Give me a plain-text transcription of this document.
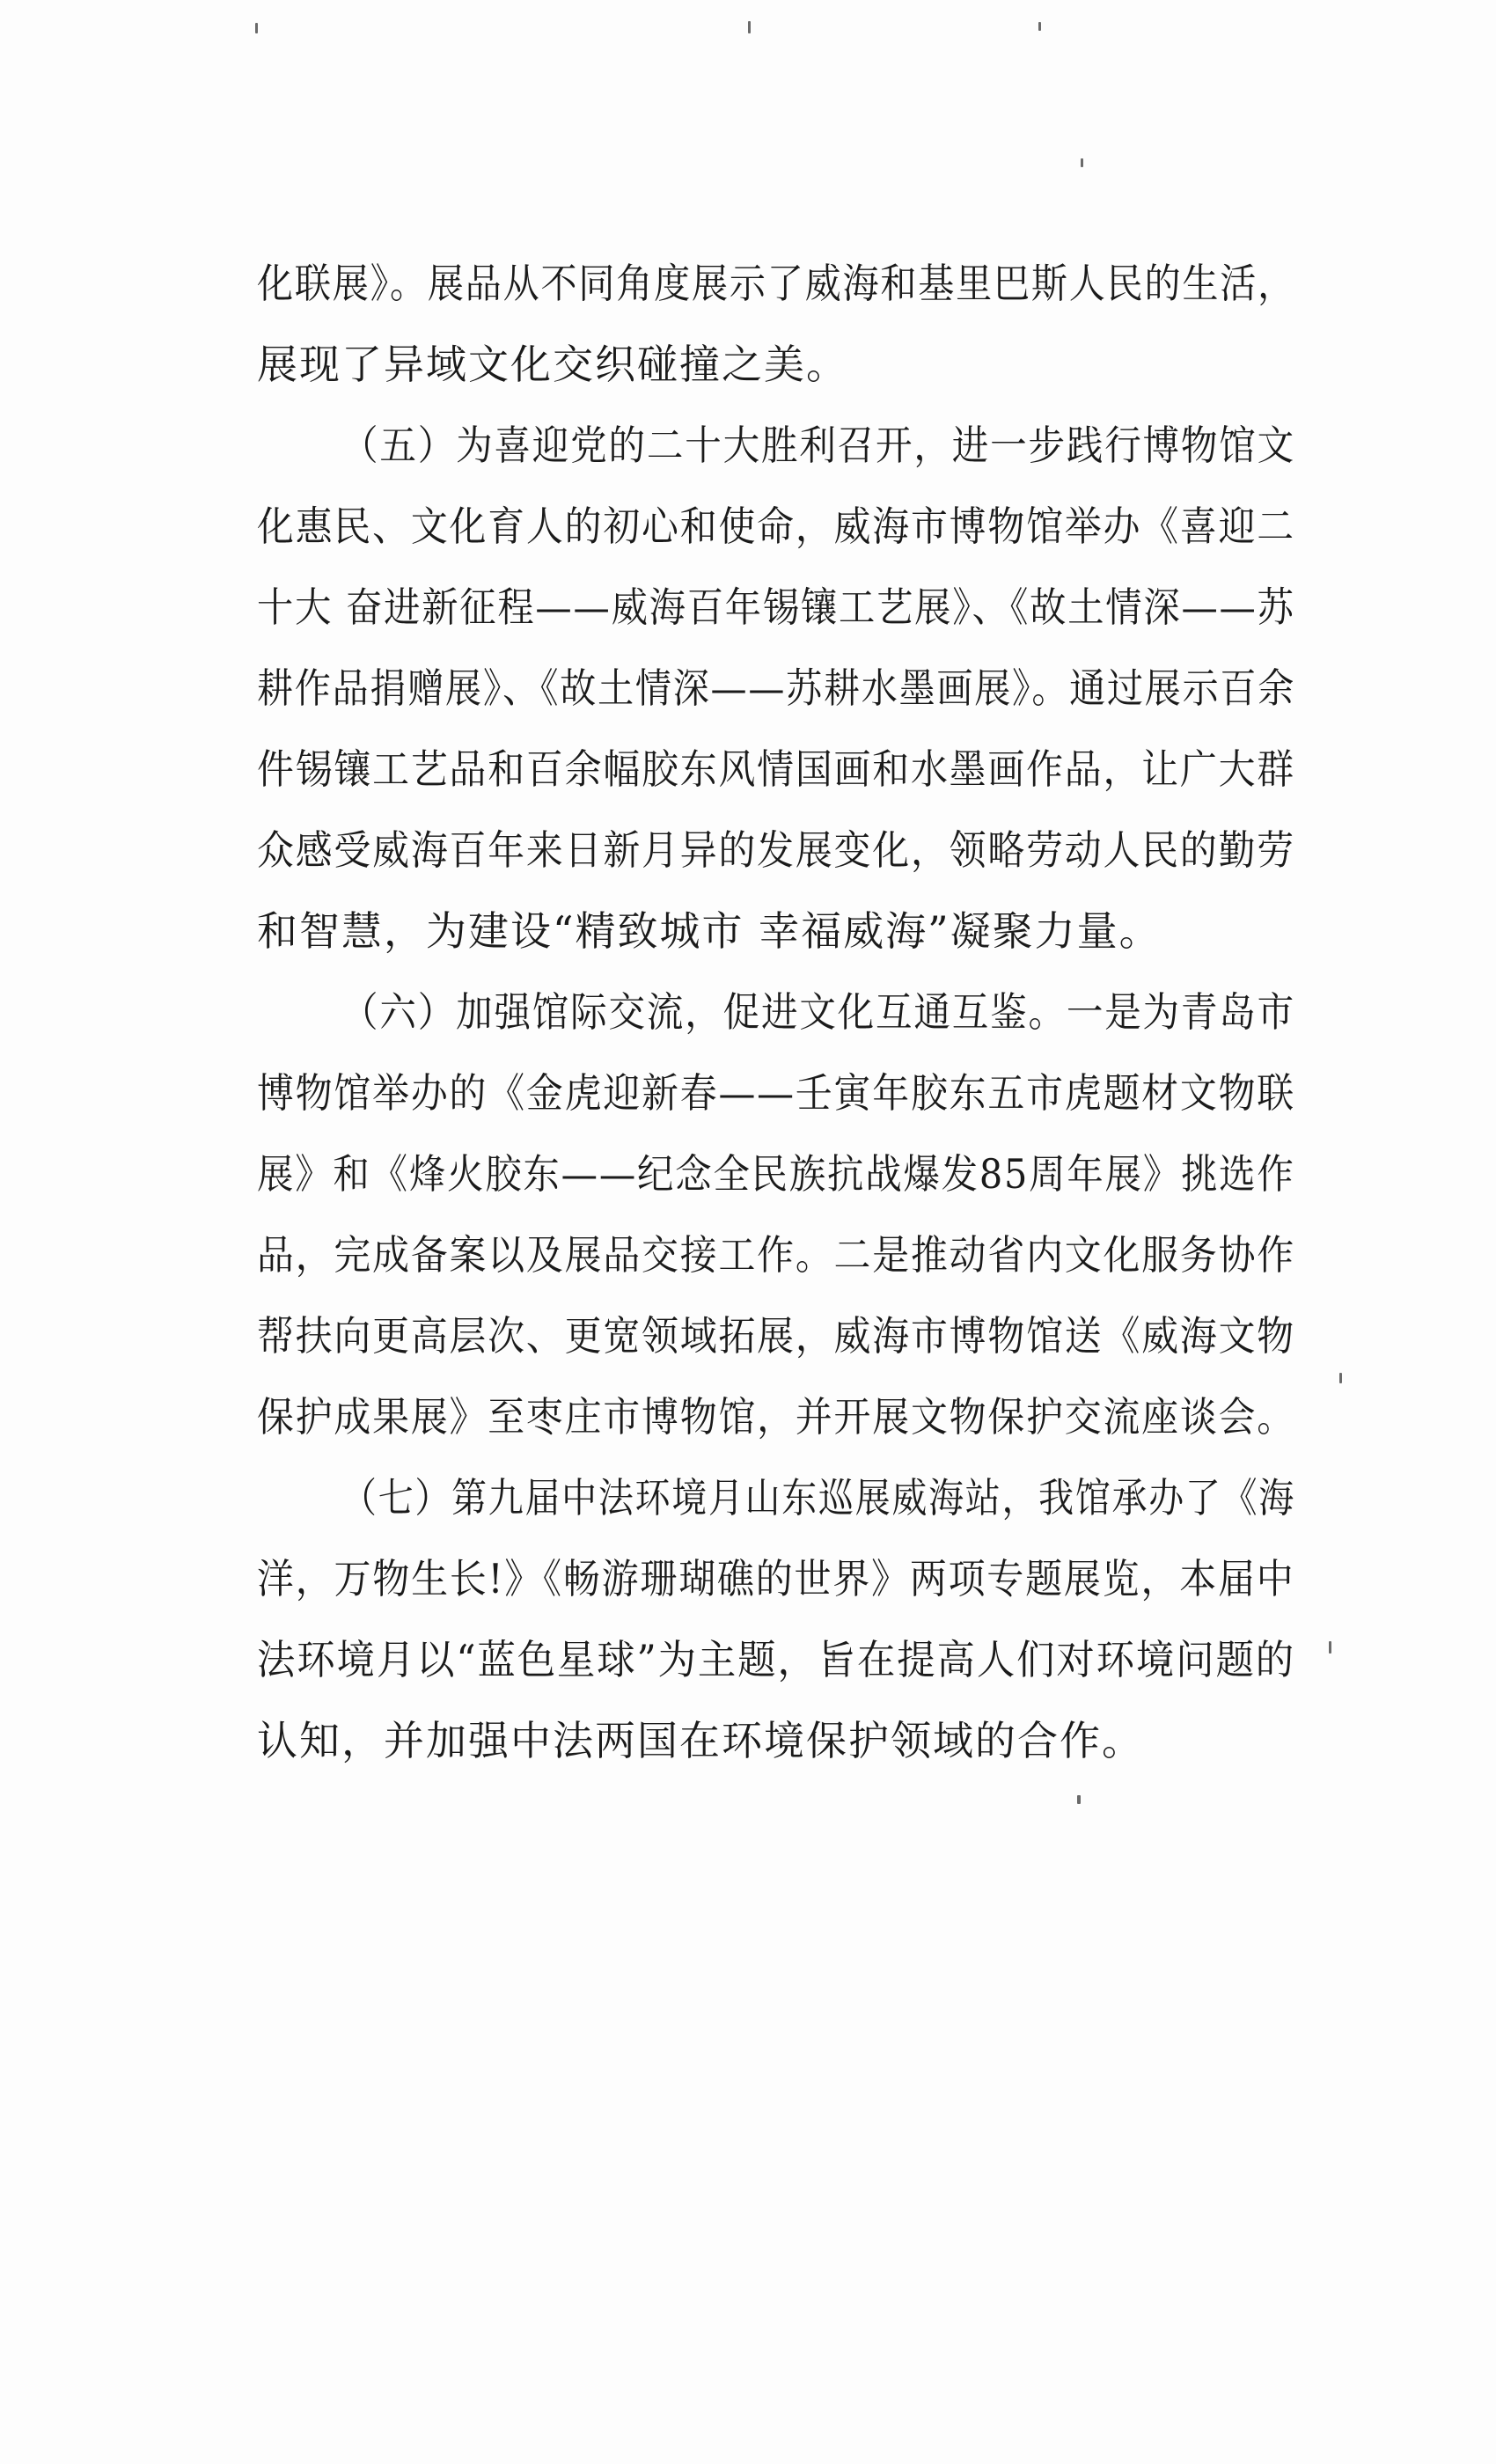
化联展》。展品从不同角度展示了威海和基里巴斯人民的生活，
展现了异域文化交织碰撞之美。
（五）为喜迎党的二十大胜利召开，进一步践行博物馆文
化惠民、文化育人的初心和使命，威海市博物馆举办《喜迎二
十大 奋进新征程——威海百年锡镶工艺展》、《故土情深——苏
耕作品捐赠展》、《故土情深——苏耕水墨画展》。通过展示百余
件锡镶工艺品和百余幅胶东风情国画和水墨画作品，让广大群
众感受威海百年来日新月异的发展变化，领略劳动人民的勤劳
和智慧，为建设“精致城市 幸福威海”凝聚力量。
（六）加强馆际交流，促进文化互通互鉴。一是为青岛市
博物馆举办的《金虎迎新春——壬寅年胶东五市虎题材文物联
展》和《烽火胶东——纪念全民族抗战爆发85周年展》挑选作
品，完成备案以及展品交接工作。二是推动省内文化服务协作
帮扶向更高层次、更宽领域拓展，威海市博物馆送《威海文物
保护成果展》至枣庄市博物馆，并开展文物保护交流座谈会。
（七）第九届中法环境月山东巡展威海站，我馆承办了《海
洋，万物生长!》《畅游珊瑚礁的世界》两项专题展览，本届中
法环境月以“蓝色星球”为主题，旨在提高人们对环境问题的
认知，并加强中法两国在环境保护领域的合作。
